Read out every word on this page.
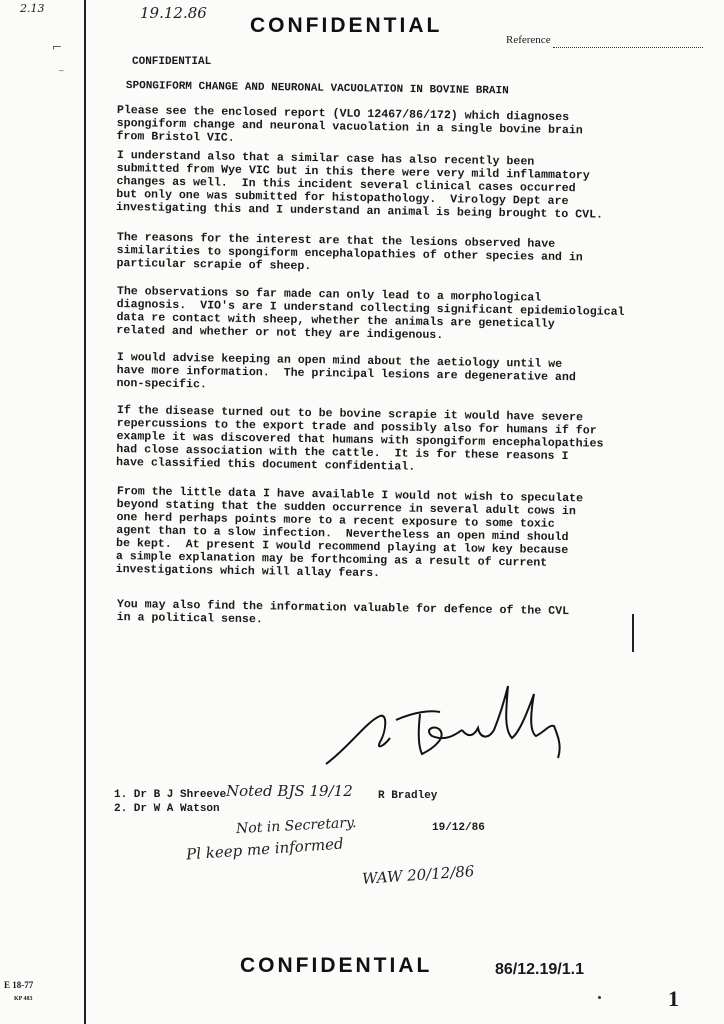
2.13
⌐
⁻
19.12.86
CONFIDENTIAL
Reference
CONFIDENTIAL
SPONGIFORM CHANGE AND NEURONAL VACUOLATION IN BOVINE BRAIN
Please see the enclosed report (VLO 12467/86/172) which diagnoses
spongiform change and neuronal vacuolation in a single bovine brain
from Bristol VIC.
I understand also that a similar case has also recently been
submitted from Wye VIC but in this there were very mild inflammatory
changes as well.  In this incident several clinical cases occurred
but only one was submitted for histopathology.  Virology Dept are
investigating this and I understand an animal is being brought to CVL.
The reasons for the interest are that the lesions observed have
similarities to spongiform encephalopathies of other species and in
particular scrapie of sheep.
The observations so far made can only lead to a morphological
diagnosis.  VIO's are I understand collecting significant epidemiological
data re contact with sheep, whether the animals are genetically
related and whether or not they are indigenous.
I would advise keeping an open mind about the aetiology until we
have more information.  The principal lesions are degenerative and
non-specific.
If the disease turned out to be bovine scrapie it would have severe
repercussions to the export trade and possibly also for humans if for
example it was discovered that humans with spongiform encephalopathies
had close association with the cattle.  It is for these reasons I
have classified this document confidential.
From the little data I have available I would not wish to speculate
beyond stating that the sudden occurrence in several adult cows in
one herd perhaps points more to a recent exposure to some toxic
agent than to a slow infection.  Nevertheless an open mind should
be kept.  At present I would recommend playing at low key because
a simple explanation may be forthcoming as a result of current
investigations which will allay fears.
You may also find the information valuable for defence of the CVL
in a political sense.
1. Dr B J Shreeve
2. Dr W A Watson
Noted BJS 19/12 R Bradley
19/12/86
Not in Secretary.
Pl keep me informed
WAW 20/12/86
CONFIDENTIAL	86/12.19/1.1
E 18-77
KP 483	1
